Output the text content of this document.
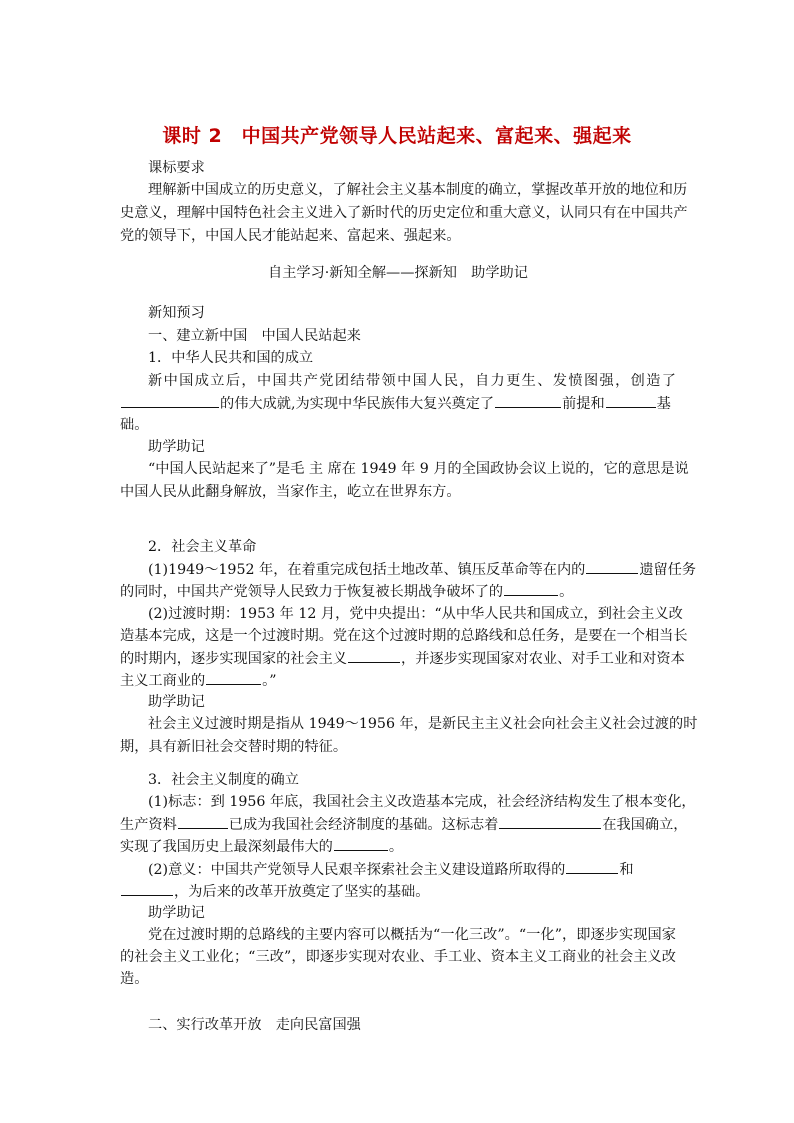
课时 2　中国共产党领导人民站起来、富起来、强起来
课标要求
理解新中国成立的历史意义，了解社会主义基本制度的确立，掌握改革开放的地位和历
史意义，理解中国特色社会主义进入了新时代的历史定位和重大意义，认同只有在中国共产
党的领导下，中国人民才能站起来、富起来、强起来。
自主学习·新知全解——探新知　助学助记
新知预习
一、建立新中国　中国人民站起来
1．中华人民共和国的成立
新中国成立后，中国共产党团结带领中国人民，自力更生、发愤图强，创造了
的伟大成就,为实现中华民族伟大复兴奠定了	前提和	基
础。
助学助记
“中国人民站起来了”是毛 主 席在 1949 年 9 月的全国政协会议上说的，它的意思是说
中国人民从此翻身解放，当家作主，屹立在世界东方。
2．社会主义革命
(1)1949～1952 年，在着重完成包括土地改革、镇压反革命等在内的	遗留任务
的同时，中国共产党领导人民致力于恢复被长期战争破坏了的	。
(2)过渡时期：1953 年 12 月，党中央提出：“从中华人民共和国成立，到社会主义改
造基本完成，这是一个过渡时期。党在这个过渡时期的总路线和总任务，是要在一个相当长
的时期内，逐步实现国家的社会主义	，并逐步实现国家对农业、对手工业和对资本
主义工商业的	。”
助学助记
社会主义过渡时期是指从 1949～1956 年，是新民主主义社会向社会主义社会过渡的时
期，具有新旧社会交替时期的特征。
3．社会主义制度的确立
(1)标志：到 1956 年底，我国社会主义改造基本完成，社会经济结构发生了根本变化，
生产资料	已成为我国社会经济制度的基础。这标志着	在我国确立，
实现了我国历史上最深刻最伟大的	。
(2)意义：中国共产党领导人民艰辛探索社会主义建设道路所取得的	和
，为后来的改革开放奠定了坚实的基础。
助学助记
党在过渡时期的总路线的主要内容可以概括为“一化三改”。“一化”，即逐步实现国家
的社会主义工业化；“三改”，即逐步实现对农业、手工业、资本主义工商业的社会主义改
造。
二、实行改革开放　走向民富国强
